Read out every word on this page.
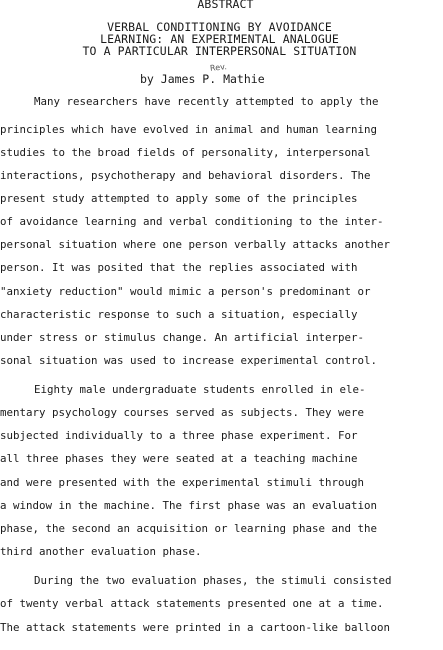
ABSTRACT
VERBAL CONDITIONING BY AVOIDANCE
LEARNING: AN EXPERIMENTAL ANALOGUE
TO A PARTICULAR INTERPERSONAL SITUATION
by James P. Mathie
Rev.
Many researchers have recently attempted to apply the
principles which have evolved in animal and human learning
studies to the broad fields of personality, interpersonal
interactions, psychotherapy and behavioral disorders. The
present study attempted to apply some of the principles
of avoidance learning and verbal conditioning to the inter-
personal situation where one person verbally attacks another
person. It was posited that the replies associated with
"anxiety reduction" would mimic a person's predominant or
characteristic response to such a situation, especially
under stress or stimulus change. An artificial interper-
sonal situation was used to increase experimental control.
Eighty male undergraduate students enrolled in ele-
mentary psychology courses served as subjects. They were
subjected individually to a three phase experiment. For
all three phases they were seated at a teaching machine
and were presented with the experimental stimuli through
a window in the machine. The first phase was an evaluation
phase, the second an acquisition or learning phase and the
third another evaluation phase.
During the two evaluation phases, the stimuli consisted
of twenty verbal attack statements presented one at a time.
The attack statements were printed in a cartoon-like balloon
